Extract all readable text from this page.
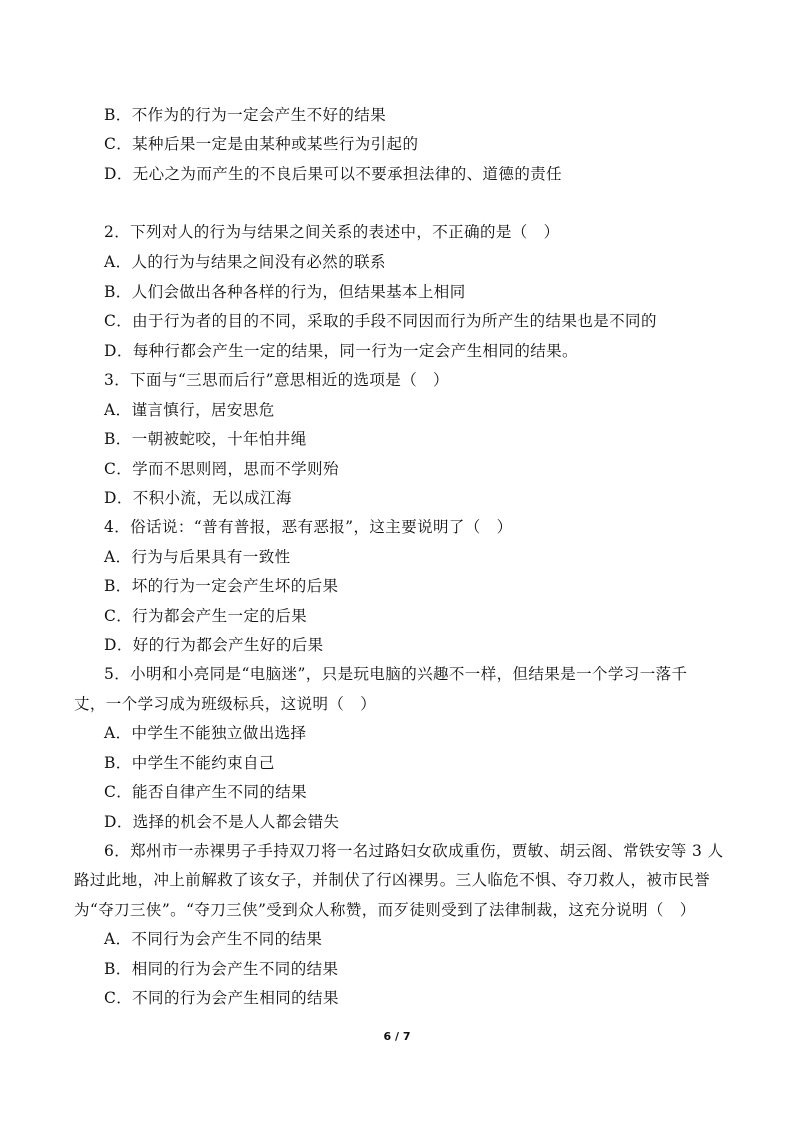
B．不作为的行为一定会产生不好的结果
C．某种后果一定是由某种或某些行为引起的
D．无心之为而产生的不良后果可以不要承担法律的、道德的责任
2．下列对人的行为与结果之间关系的表述中，不正确的是（　）
A．人的行为与结果之间没有必然的联系
B．人们会做出各种各样的行为，但结果基本上相同
C．由于行为者的目的不同，采取的手段不同因而行为所产生的结果也是不同的
D．每种行都会产生一定的结果，同一行为一定会产生相同的结果。
3．下面与“三思而后行”意思相近的选项是（　）
A．谨言慎行，居安思危
B．一朝被蛇咬，十年怕井绳
C．学而不思则罔，思而不学则殆
D．不积小流，无以成江海
4．俗话说：“普有普报，恶有恶报”，这主要说明了（　）
A．行为与后果具有一致性
B．坏的行为一定会产生坏的后果
C．行为都会产生一定的后果
D．好的行为都会产生好的后果
5．小明和小亮同是“电脑迷”，只是玩电脑的兴趣不一样，但结果是一个学习一落千
丈，一个学习成为班级标兵，这说明（　）
A．中学生不能独立做出选择
B．中学生不能约束自己
C．能否自律产生不同的结果
D．选择的机会不是人人都会错失
6．郑州市一赤裸男子手持双刀将一名过路妇女砍成重伤，贾敏、胡云阁、常铁安等 3 人
路过此地，冲上前解救了该女子，并制伏了行凶裸男。三人临危不惧、夺刀救人，被市民誉
为“夺刀三侠”。“夺刀三侠”受到众人称赞，而歹徒则受到了法律制裁，这充分说明（　）
A．不同行为会产生不同的结果
B．相同的行为会产生不同的结果
C．不同的行为会产生相同的结果
6 / 7
